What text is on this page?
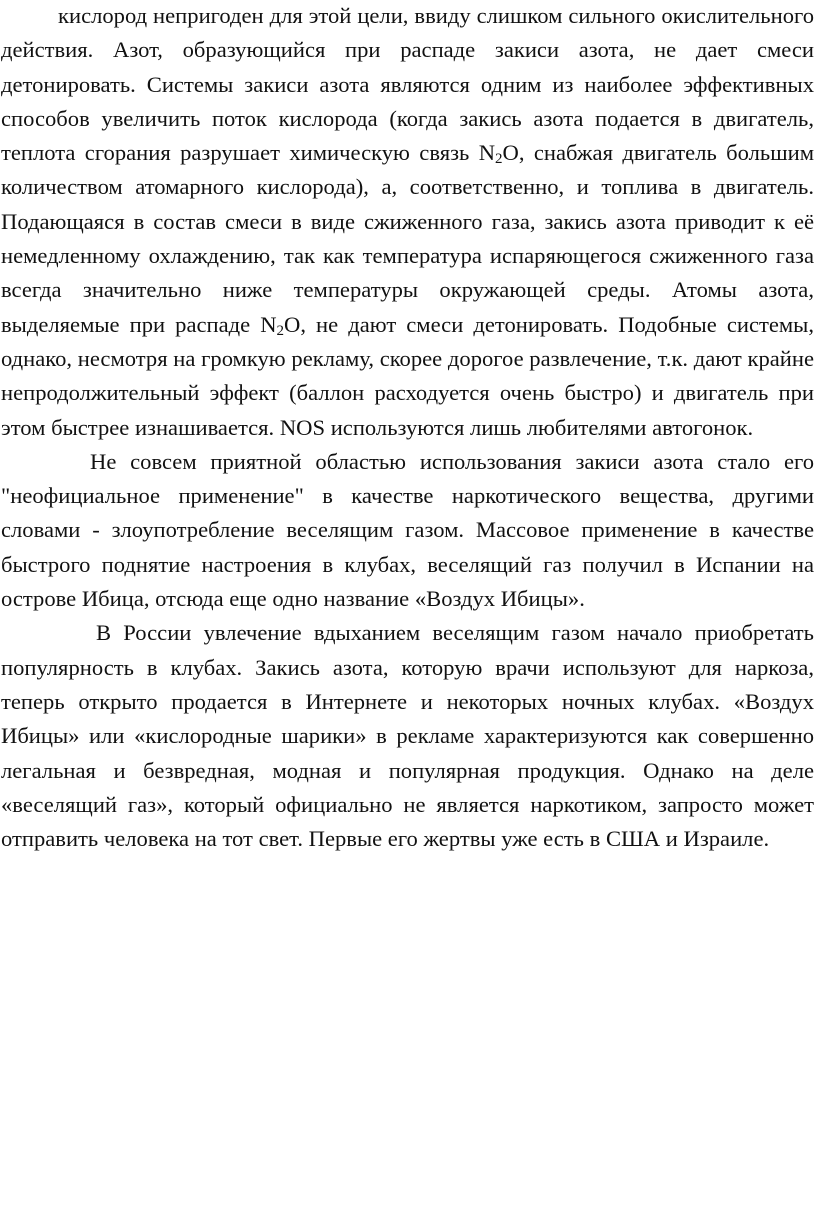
кислород непригоден для этой цели, ввиду слишком сильного окислительного действия. Азот, образующийся при распаде закиси азота, не дает смеси детонировать. Системы закиси азота являются одним из наиболее эффективных способов увеличить поток кислорода (когда закись азота подается в двигатель, теплота сгорания разрушает химическую связь $N_2O$, снабжая двигатель большим количеством атомарного кислорода), а, соответственно, и топлива в двигатель. Подающаяся в состав смеси в виде сжиженного газа, закись азота приводит к её немедленному охлаждению, так как температура испаряющегося сжиженного газа всегда значительно ниже температуры окружающей среды. Атомы азота, выделяемые при распаде $N_2O$, не дают смеси детонировать. Подобные системы, однако, несмотря на громкую рекламу, скорее дорогое развлечение, т.к. дают крайне непродолжительный эффект (баллон расходуется очень быстро) и двигатель при этом быстрее изнашивается. NOS используются лишь любителями автогонок.

Не совсем приятной областью использования закиси азота стало его "неофициальное применение" в качестве наркотического вещества, другими словами - злоупотребление веселящим газом. Массовое применение в качестве быстрого поднятие настроения в клубах, веселящий газ получил в Испании на острове Ибица, отсюда еще одно название «Воздух Ибицы».

В России увлечение вдыханием веселящим газом начало приобретать популярность в клубах. Закись азота, которую врачи используют для наркоза, теперь открыто продается в Интернете и некоторых ночных клубах. «Воздух Ибицы» или «кислородные шарики» в рекламе характеризуются как совершенно легальная и безвредная, модная и популярная продукция. Однако на деле «веселящий газ», который официально не является наркотиком, запросто может отправить человека на тот свет. Первые его жертвы уже есть в США и Израиле.
